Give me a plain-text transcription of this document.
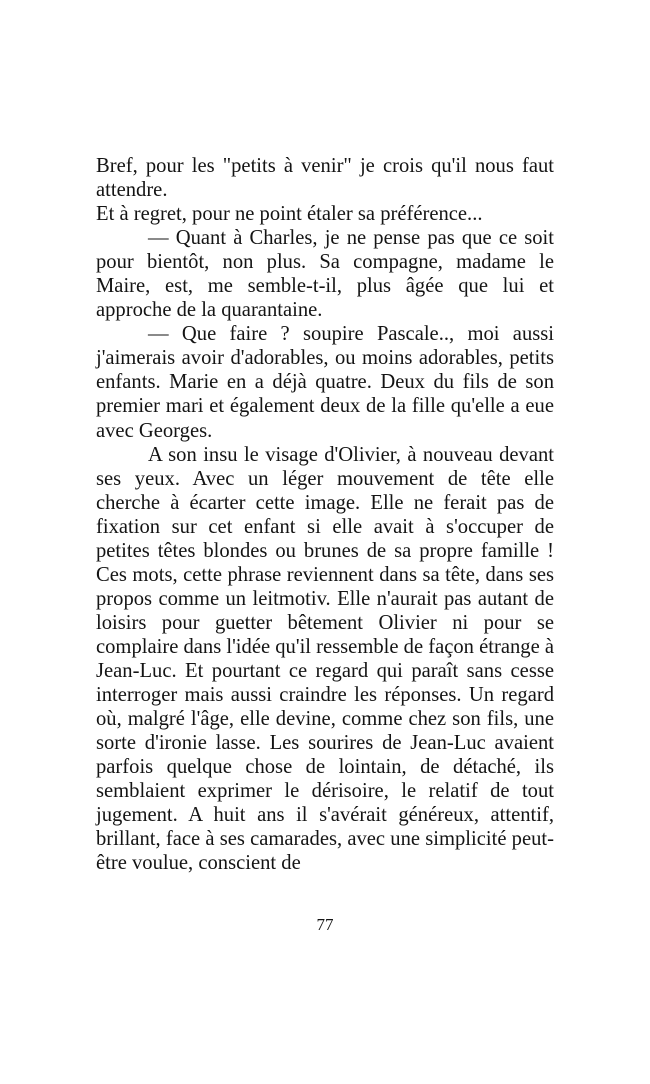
Bref, pour les "petits à venir" je crois qu'il nous faut attendre.

Et à regret, pour ne point étaler sa préférence...

— Quant à Charles, je ne pense pas que ce soit pour bientôt, non plus. Sa compagne, madame le Maire, est, me semble-t-il, plus âgée que lui et approche de la quarantaine.

— Que faire ? soupire Pascale.., moi aussi j'aimerais avoir d'adorables, ou moins adorables, petits enfants. Marie en a déjà quatre. Deux du fils de son premier mari et également deux de la fille qu'elle a eue avec Georges.

A son insu le visage d'Olivier, à nouveau devant ses yeux. Avec un léger mouvement de tête elle cherche à écarter cette image. Elle ne ferait pas de fixation sur cet enfant si elle avait à s'occuper de petites têtes blondes ou brunes de sa propre famille ! Ces mots, cette phrase reviennent dans sa tête, dans ses propos comme un leitmotiv. Elle n'aurait pas autant de loisirs pour guetter bêtement Olivier ni pour se complaire dans l'idée qu'il ressemble de façon étrange à Jean-Luc. Et pourtant ce regard qui paraît sans cesse interroger mais aussi craindre les réponses. Un regard où, malgré l'âge, elle devine, comme chez son fils, une sorte d'ironie lasse. Les sourires de Jean-Luc avaient parfois quelque chose de lointain, de détaché, ils semblaient exprimer le dérisoire, le relatif de tout jugement. A huit ans il s'avérait généreux, attentif, brillant, face à ses camarades, avec une simplicité peut-être voulue, conscient de

77
